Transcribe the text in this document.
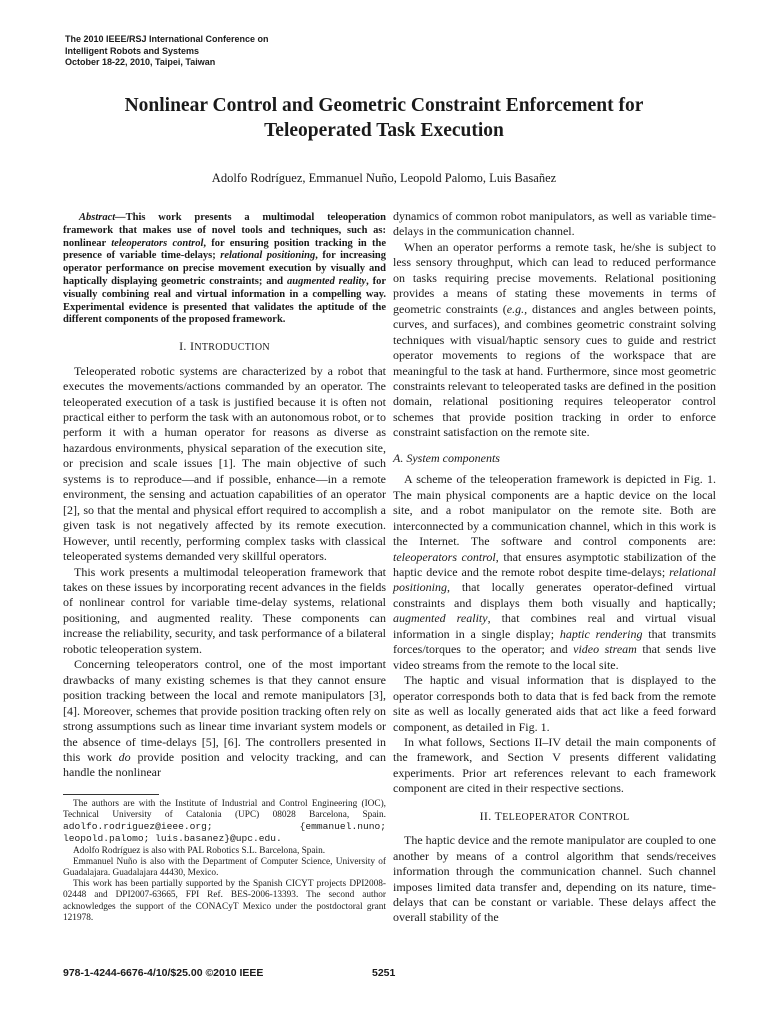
The 2010 IEEE/RSJ International Conference on
Intelligent Robots and Systems
October 18-22, 2010, Taipei, Taiwan
Nonlinear Control and Geometric Constraint Enforcement for
Teleoperated Task Execution
Adolfo Rodríguez, Emmanuel Nuño, Leopold Palomo, Luis Basañez

Abstract—This work presents a multimodal teleoperation framework that makes use of novel tools and techniques, such as: nonlinear teleoperators control, for ensuring position tracking in the presence of variable time-delays; relational positioning, for increasing operator performance on precise movement execution by visually and haptically displaying geometric constraints; and augmented reality, for visually combining real and virtual information in a compelling way. Experimental evidence is presented that validates the aptitude of the different components of the proposed framework.

I. INTRODUCTION

Teleoperated robotic systems are characterized by a robot that executes the movements/actions commanded by an operator. The teleoperated execution of a task is justified because it is often not practical either to perform the task with an autonomous robot, or to perform it with a human operator for reasons as diverse as hazardous environments, physical separation of the execution site, or precision and scale issues [1]. The main objective of such systems is to reproduce—and if possible, enhance—in a remote environment, the sensing and actuation capabilities of an operator [2], so that the mental and physical effort required to accomplish a given task is not negatively affected by its remote execution. However, until recently, performing complex tasks with classical teleoperated systems demanded very skillful operators.

This work presents a multimodal teleoperation framework that takes on these issues by incorporating recent advances in the fields of nonlinear control for variable time-delay systems, relational positioning, and augmented reality. These components can increase the reliability, security, and task performance of a bilateral robotic teleoperation system.

Concerning teleoperators control, one of the most important drawbacks of many existing schemes is that they cannot ensure position tracking between the local and remote manipulators [3], [4]. Moreover, schemes that provide position tracking often rely on strong assumptions such as linear time invariant system models or the absence of time-delays [5], [6]. The controllers presented in this work do provide position and velocity tracking, and can handle the nonlinear

The authors are with the Institute of Industrial and Control Engineering (IOC), Technical University of Catalonia (UPC) 08028 Barcelona, Spain. adolfo.rodriguez@ieee.org; {emmanuel.nuno; leopold.palomo; luis.basanez}@upc.edu.

Adolfo Rodríguez is also with PAL Robotics S.L. Barcelona, Spain.

Emmanuel Nuño is also with the Department of Computer Science, University of Guadalajara. Guadalajara 44430, Mexico.

This work has been partially supported by the Spanish CICYT projects DPI2008-02448 and DPI2007-63665, FPI Ref. BES-2006-13393. The second author acknowledges the support of the CONACyT Mexico under the postdoctoral grant 121978.

dynamics of common robot manipulators, as well as variable time-delays in the communication channel.

When an operator performs a remote task, he/she is subject to less sensory throughput, which can lead to reduced performance on tasks requiring precise movements. Relational positioning provides a means of stating these movements in terms of geometric constraints (e.g., distances and angles between points, curves, and surfaces), and combines geometric constraint solving techniques with visual/haptic sensory cues to guide and restrict operator movements to regions of the workspace that are meaningful to the task at hand. Furthermore, since most geometric constraints relevant to teleoperated tasks are defined in the position domain, relational positioning requires teleoperator control schemes that provide position tracking in order to enforce constraint satisfaction on the remote site.

A. System components

A scheme of the teleoperation framework is depicted in Fig. 1. The main physical components are a haptic device on the local site, and a robot manipulator on the remote site. Both are interconnected by a communication channel, which in this work is the Internet. The software and control components are: teleoperators control, that ensures asymptotic stabilization of the haptic device and the remote robot despite time-delays; relational positioning, that locally generates operator-defined virtual constraints and displays them both visually and haptically; augmented reality, that combines real and virtual visual information in a single display; haptic rendering that transmits forces/torques to the operator; and video stream that sends live video streams from the remote to the local site.

The haptic and visual information that is displayed to the operator corresponds both to data that is fed back from the remote site as well as locally generated aids that act like a feed forward component, as detailed in Fig. 1.

In what follows, Sections II–IV detail the main components of the framework, and Section V presents different validating experiments. Prior art references relevant to each framework component are cited in their respective sections.

II. TELEOPERATOR CONTROL

The haptic device and the remote manipulator are coupled to one another by means of a control algorithm that sends/receives information through the communication channel. Such channel imposes limited data transfer and, depending on its nature, time-delays that can be constant or variable. These delays affect the overall stability of the

978-1-4244-6676-4/10/$25.00 ©2010 IEEE	5251
